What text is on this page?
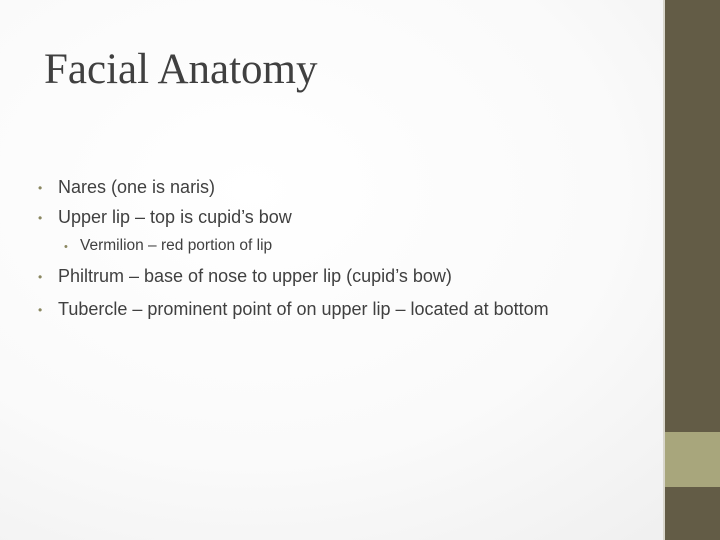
Facial Anatomy
• Nares (one is naris)
• Upper lip – top is cupid’s bow
• Vermilion – red portion of lip
• Philtrum – base of nose to upper lip (cupid’s bow)
• Tubercle – prominent point of on upper lip – located at bottom
